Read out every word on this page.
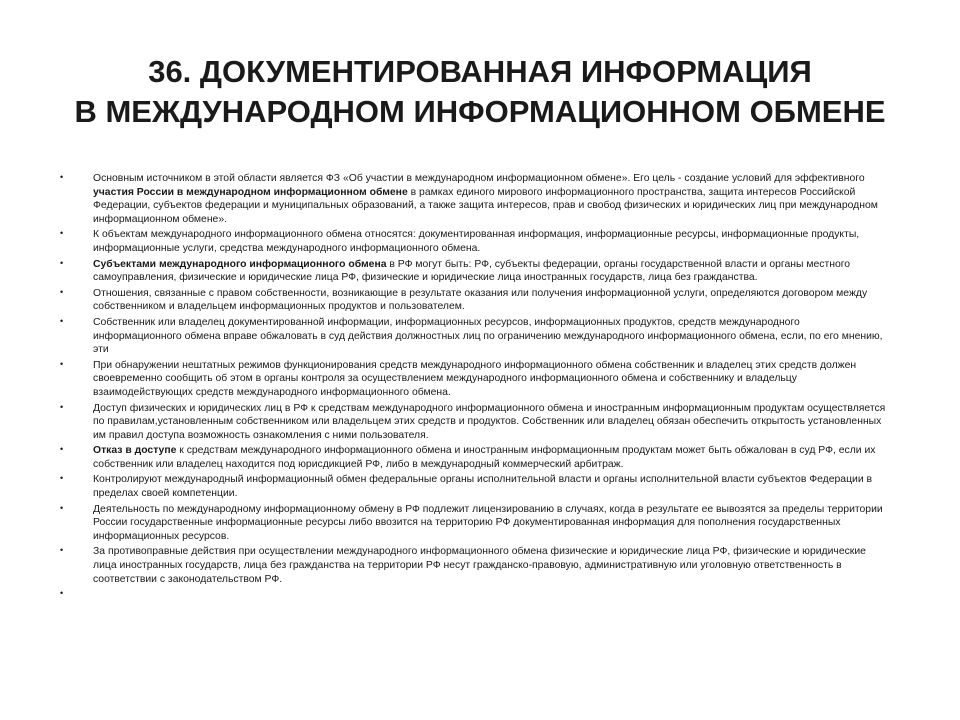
36. ДОКУМЕНТИРОВАННАЯ ИНФОРМАЦИЯ
В МЕЖДУНАРОДНОМ ИНФОРМАЦИОННОМ ОБМЕНЕ
•	Основным источником в этой области является ФЗ «Об участии в международном информационном обмене». Его цель - создание условий для эффективного участия России в международном информационном обмене в рамках единого мирового информационного пространства, защита интересов Российской Федерации, субъектов федерации и муниципальных образований, а также защита интересов, прав и свобод физических и юридических лиц при международном информационном обмене».
•	К объектам международного информационного обмена относятся: документированная информация, информационные ресурсы, информационные продукты, информационные услуги, средства международного информационного обмена.
•	Субъектами международного информационного обмена в РФ могут быть: РФ, субъекты федерации, органы государственной власти и органы местного самоуправления, физические и юридические лица РФ, физические и юридические лица иностранных государств, лица без гражданства.
•	Отношения, связанные с правом собственности, возникающие в результате оказания или получения информационной услуги, определяются договором между собственником и владельцем информационных продуктов и пользователем.
•	Собственник или владелец документированной информации, информационных ресурсов, информационных продуктов, средств международного информационного обмена вправе обжаловать в суд действия должностных лиц по ограничению международного информационного обмена, если, по его мнению, эти
•	При обнаружении нештатных режимов функционирования средств международного информационного обмена собственник и владелец этих средств должен своевременно сообщить об этом в органы контроля за осуществлением международного информационного обмена и собственнику и владельцу взаимодействующих средств международного информационного обмена.
•	Доступ физических и юридических лиц в РФ к средствам международного информационного обмена и иностранным информационным продуктам осуществляется по правилам,установленным собственником или владельцем этих средств и продуктов. Собственник или владелец обязан обеспечить открытость установленных им правил доступа возможность ознакомления с ними пользователя.
•	Отказ в доступе к средствам международного информационного обмена и иностранным информационным продуктам может быть обжалован в суд РФ, если их собственник или владелец находится под юрисдикцией РФ, либо в международный коммерческий арбитраж.
•	Контролируют международный информационный обмен федеральные органы исполнительной власти и органы исполнительной власти субъектов Федерации в пределах своей компетенции.
•	Деятельность по международному информационному обмену в РФ подлежит лицензированию в случаях, когда в результате ее вывозятся за пределы территории России государственные информационные ресурсы либо ввозится на территорию РФ документированная информация для пополнения государственных информационных ресурсов.
•	За противоправные действия при осуществлении международного информационного обмена физические и юридические лица РФ, физические и юридические лица иностранных государств, лица без гражданства на территории РФ несут гражданско-правовую, административную или уголовную ответственность в соответствии с законодательством РФ.
•
